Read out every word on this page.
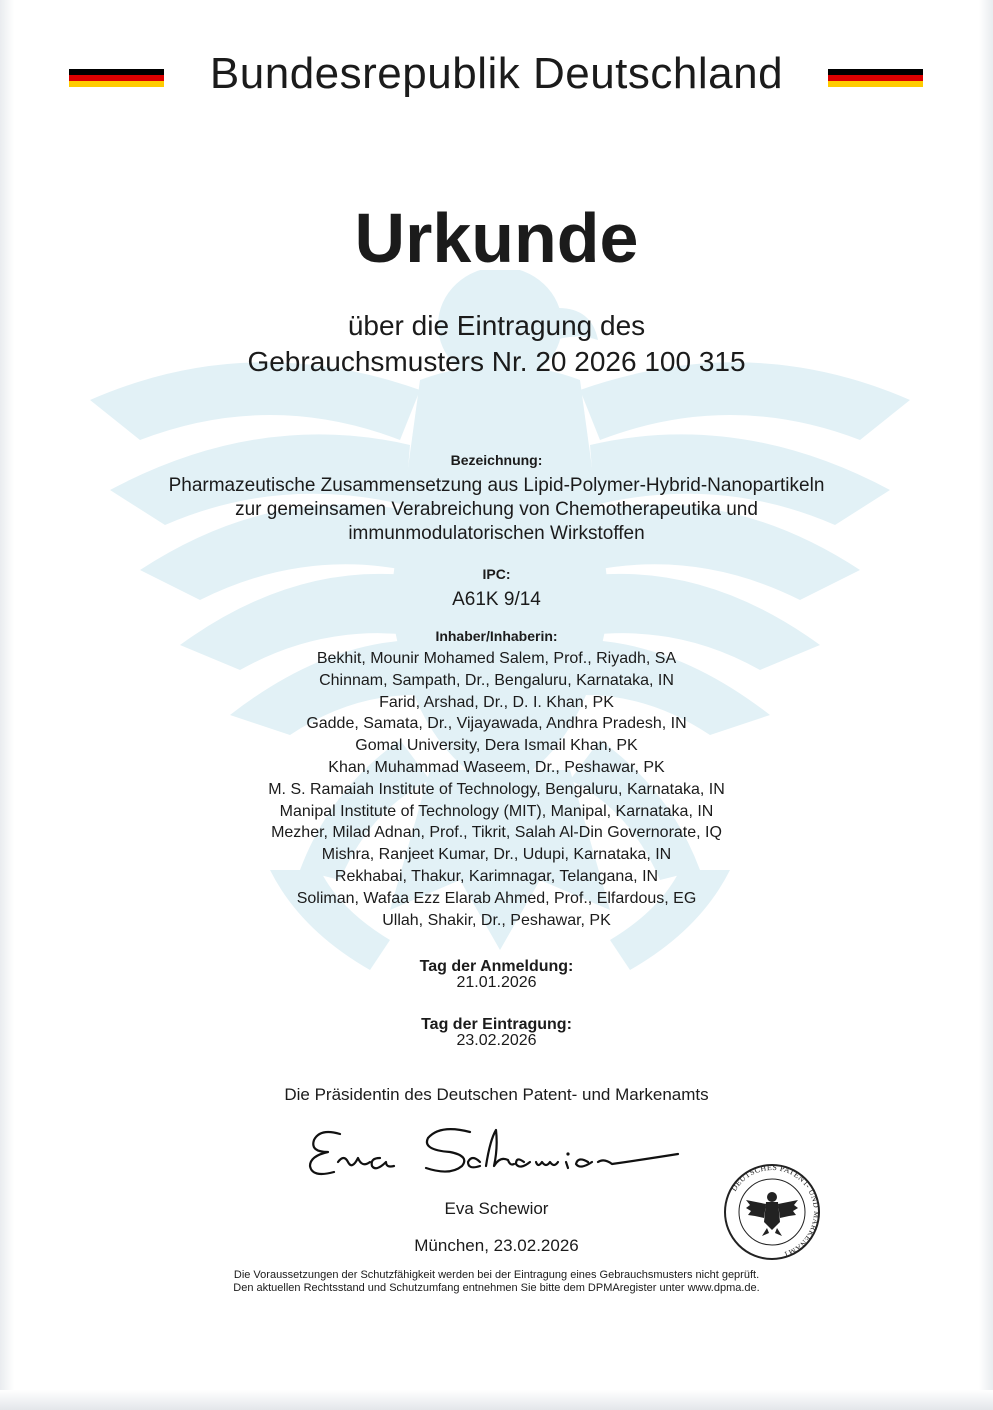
Bundesrepublik Deutschland
Urkunde
über die Eintragung des
Gebrauchsmusters Nr. 20 2026 100 315
Bezeichnung:
Pharmazeutische Zusammensetzung aus Lipid-Polymer-Hybrid-Nanopartikeln
zur gemeinsamen Verabreichung von Chemotherapeutika und
immunmodulatorischen Wirkstoffen
IPC:
A61K 9/14
Inhaber/Inhaberin:
Bekhit, Mounir Mohamed Salem, Prof., Riyadh, SA
Chinnam, Sampath, Dr., Bengaluru, Karnataka, IN
Farid, Arshad, Dr., D. I. Khan, PK
Gadde, Samata, Dr., Vijayawada, Andhra Pradesh, IN
Gomal University, Dera Ismail Khan, PK
Khan, Muhammad Waseem, Dr., Peshawar, PK
M. S. Ramaiah Institute of Technology, Bengaluru, Karnataka, IN
Manipal Institute of Technology (MIT), Manipal, Karnataka, IN
Mezher, Milad Adnan, Prof., Tikrit, Salah Al-Din Governorate, IQ
Mishra, Ranjeet Kumar, Dr., Udupi, Karnataka, IN
Rekhabai, Thakur, Karimnagar, Telangana, IN
Soliman, Wafaa Ezz Elarab Ahmed, Prof., Elfardous, EG
Ullah, Shakir, Dr., Peshawar, PK
Tag der Anmeldung:
21.01.2026
Tag der Eintragung:
23.02.2026
Die Präsidentin des Deutschen Patent- und Markenamts
Eva Schewior
München, 23.02.2026
DEUTSCHES PATENT- UND MARKENAMT
Die Voraussetzungen der Schutzfähigkeit werden bei der Eintragung eines Gebrauchsmusters nicht geprüft.
Den aktuellen Rechtsstand und Schutzumfang entnehmen Sie bitte dem DPMAregister unter www.dpma.de.
